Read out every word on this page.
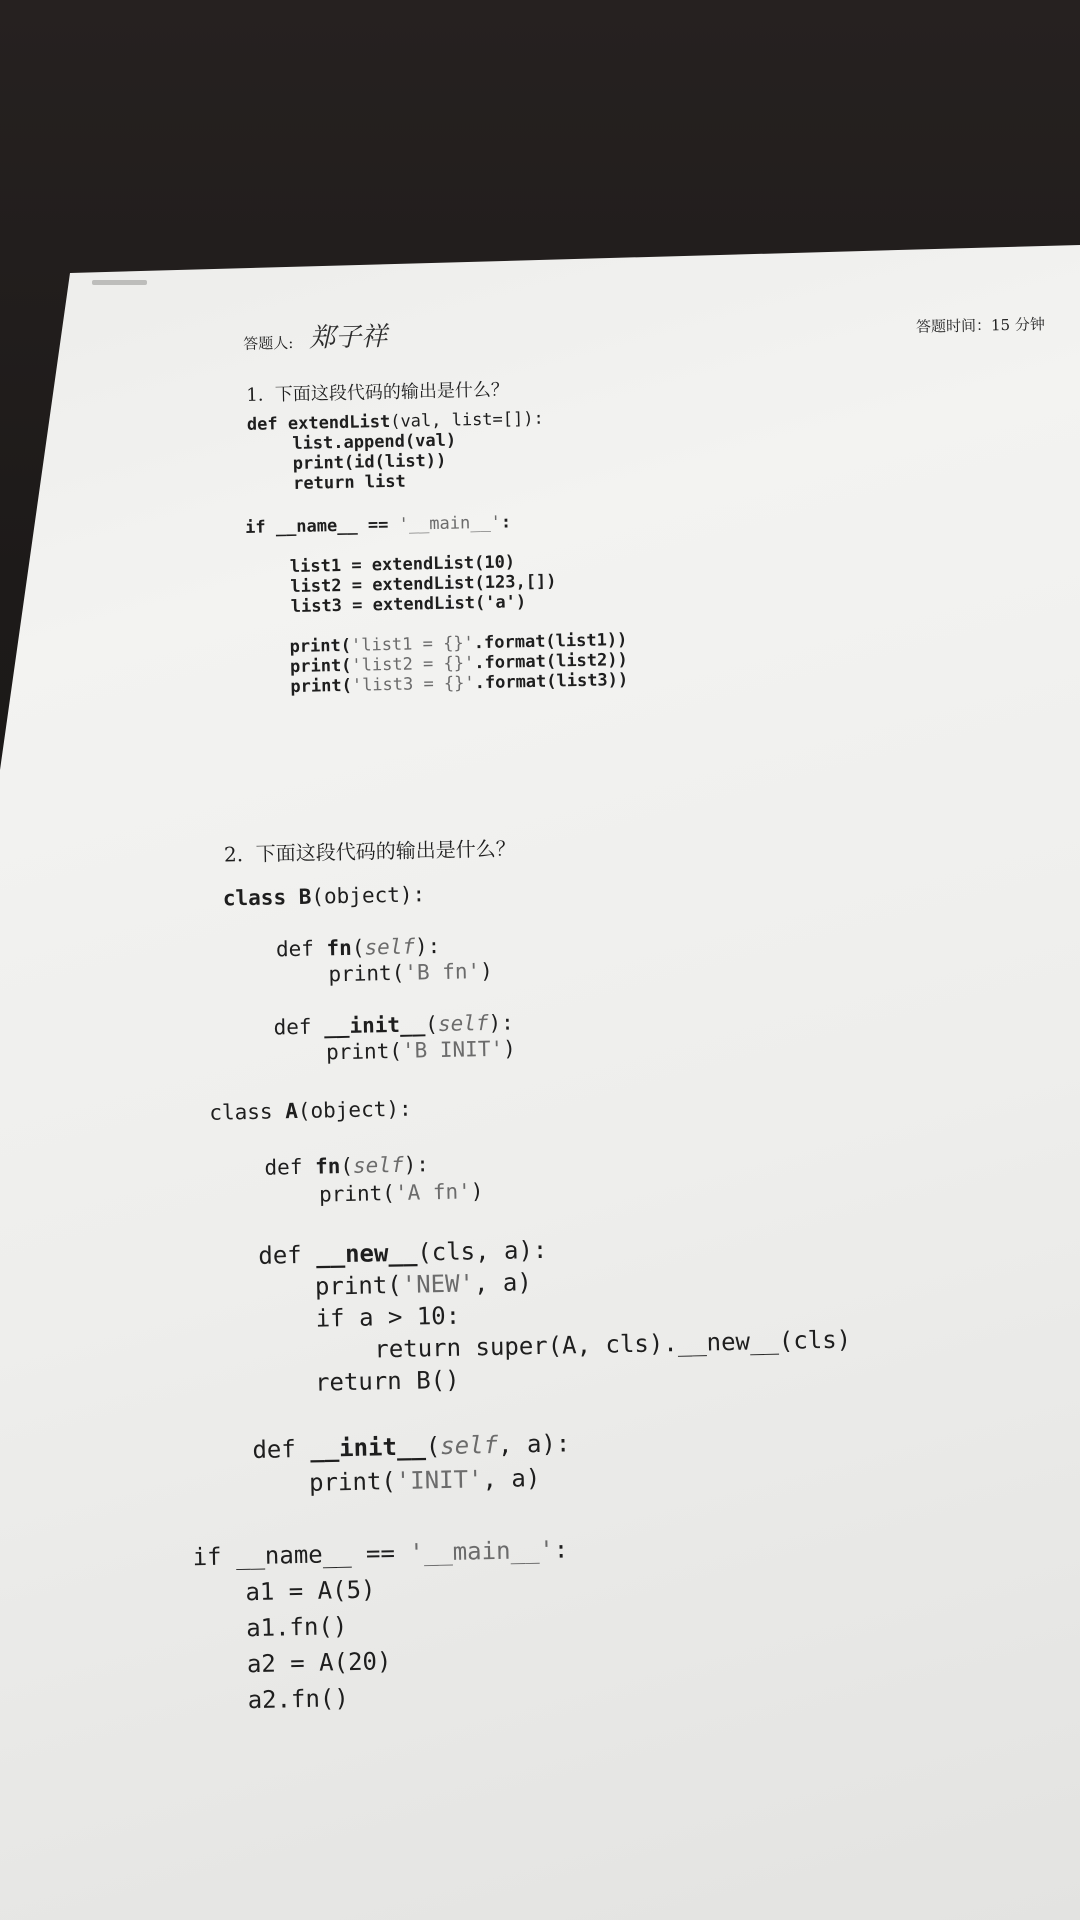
答题人: 郑子祥	答题时间：15 分钟
1.  下面这段代码的输出是什么？
def extendList(val, list=[]):
list.append(val)
print(id(list))
return list
if __name__ == '__main__':
list1 = extendList(10)
list2 = extendList(123,[])
list3 = extendList('a')
print('list1 = {}'.format(list1))
print('list2 = {}'.format(list2))
print('list3 = {}'.format(list3))
2.  下面这段代码的输出是什么？
class B(object):
def fn(self):
print('B fn')
def __init__(self):
print('B INIT')
class A(object):
def fn(self):
print('A fn')
def __new__(cls, a):
print('NEW', a)
if a > 10:
return super(A, cls).__new__(cls)
return B()
def __init__(self, a):
print('INIT', a)
if __name__ == '__main__':
a1 = A(5)
a1.fn()
a2 = A(20)
a2.fn()
